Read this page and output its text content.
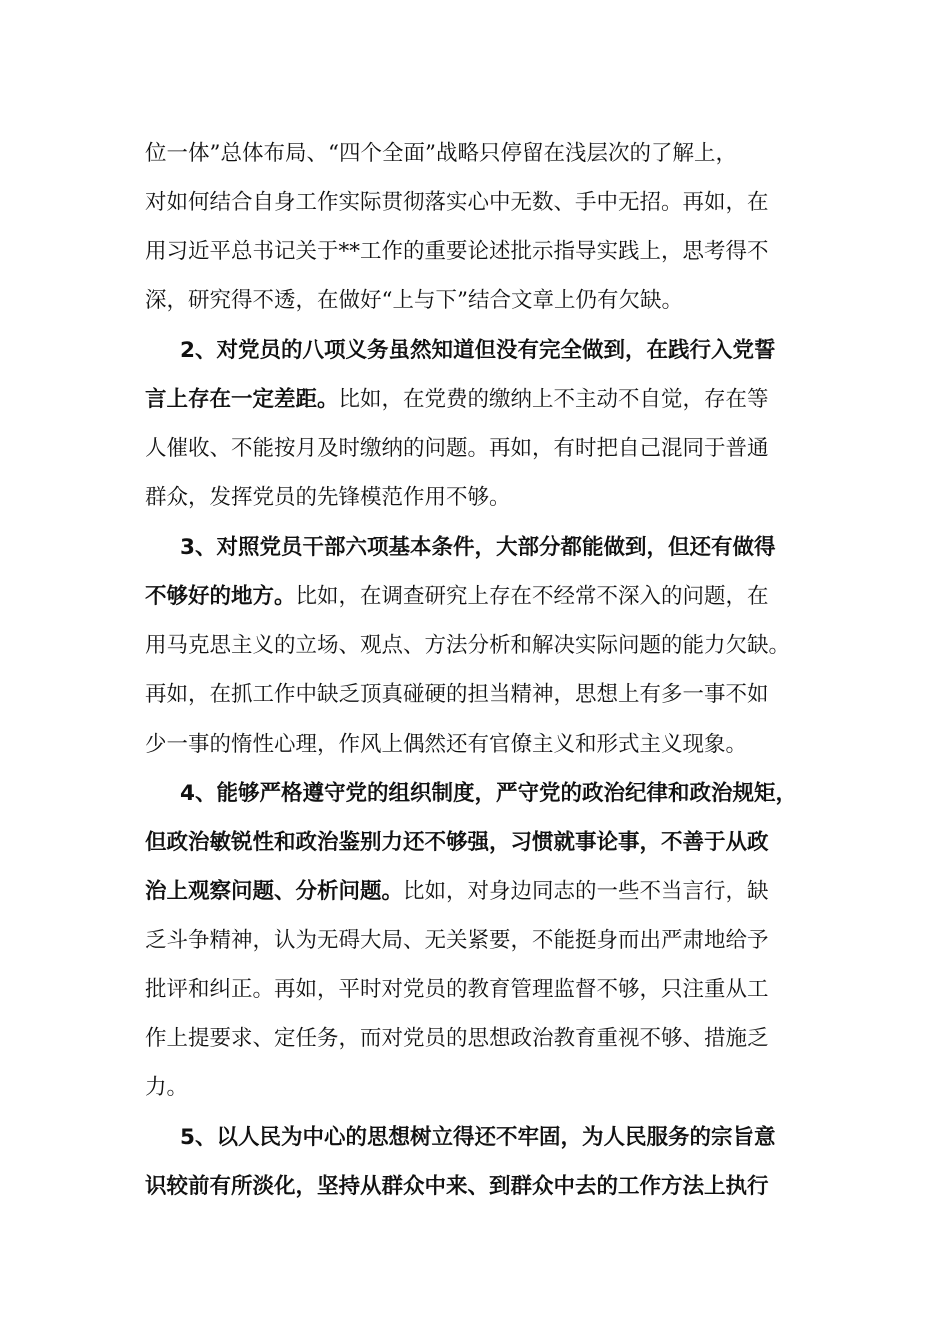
位一体”总体布局、“四个全面”战略只停留在浅层次的了解上，
对如何结合自身工作实际贯彻落实心中无数、手中无招。再如，在
用习近平总书记关于**工作的重要论述批示指导实践上，思考得不
深，研究得不透，在做好“上与下”结合文章上仍有欠缺。
2、对党员的八项义务虽然知道但没有完全做到，在践行入党誓
言上存在一定差距。比如，在党费的缴纳上不主动不自觉，存在等
人催收、不能按月及时缴纳的问题。再如，有时把自己混同于普通
群众，发挥党员的先锋模范作用不够。
3、对照党员干部六项基本条件，大部分都能做到，但还有做得
不够好的地方。比如，在调查研究上存在不经常不深入的问题，在
用马克思主义的立场、观点、方法分析和解决实际问题的能力欠缺。
再如，在抓工作中缺乏顶真碰硬的担当精神，思想上有多一事不如
少一事的惰性心理，作风上偶然还有官僚主义和形式主义现象。
4、能够严格遵守党的组织制度，严守党的政治纪律和政治规矩，
但政治敏锐性和政治鉴别力还不够强，习惯就事论事，不善于从政
治上观察问题、分析问题。比如，对身边同志的一些不当言行，缺
乏斗争精神，认为无碍大局、无关紧要，不能挺身而出严肃地给予
批评和纠正。再如，平时对党员的教育管理监督不够，只注重从工
作上提要求、定任务，而对党员的思想政治教育重视不够、措施乏
力。
5、以人民为中心的思想树立得还不牢固，为人民服务的宗旨意
识较前有所淡化，坚持从群众中来、到群众中去的工作方法上执行
